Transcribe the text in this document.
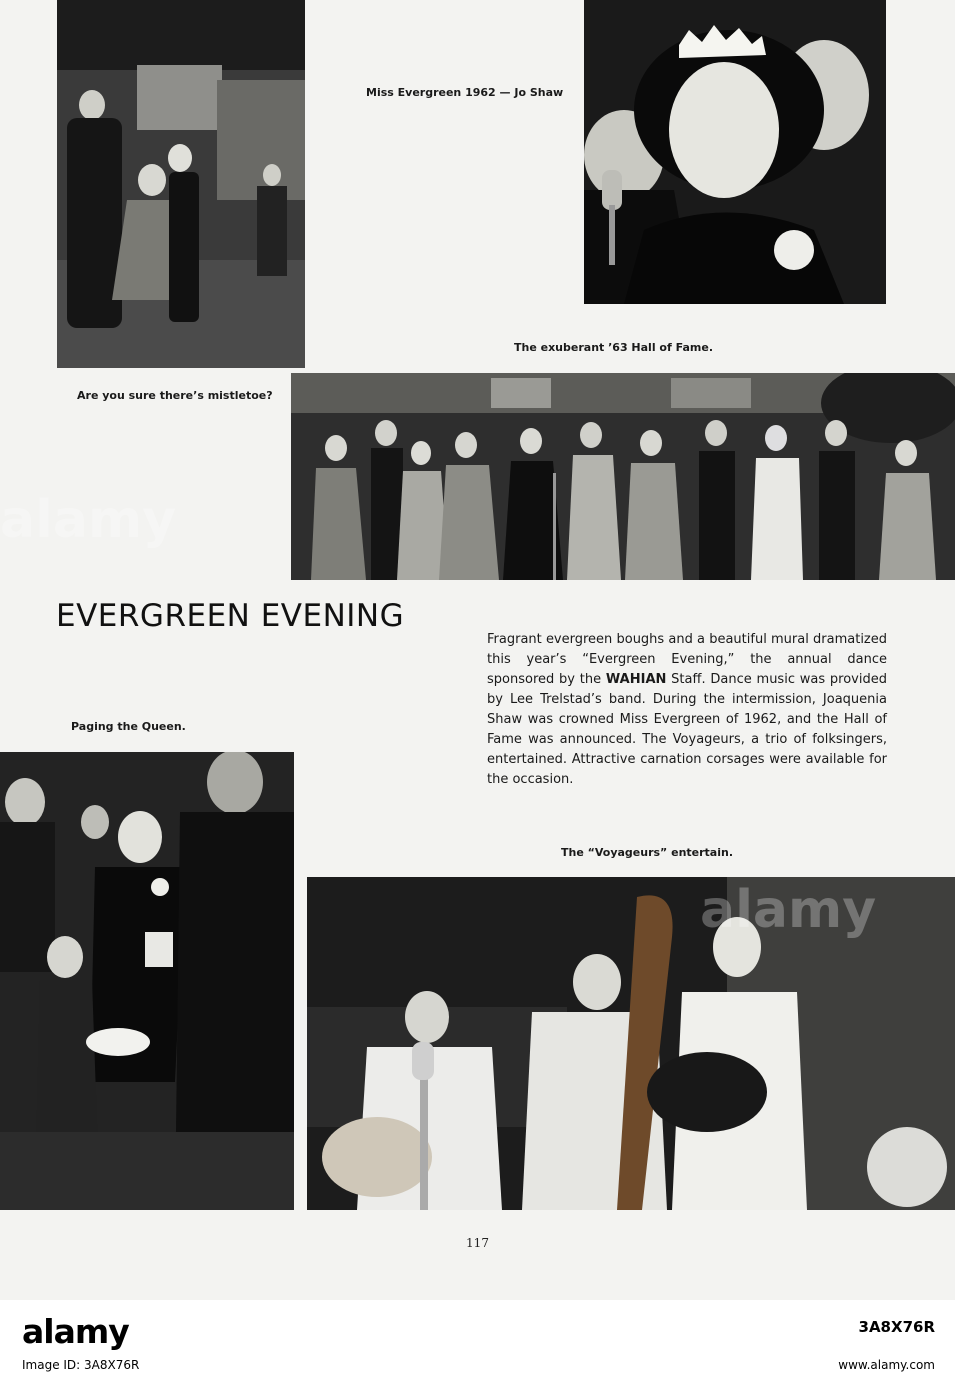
Miss Evergreen 1962 — Jo Shaw
The exuberant ’63 Hall of Fame.
Are you sure there’s mistletoe?
EVERGREEN EVENING
Fragrant evergreen boughs and a beautiful mural dramatized this year’s “Evergreen Evening,” the annual dance sponsored by the WAHIAN Staff. Dance music was provided by Lee Trelstad’s band. During the intermission, Joaquenia Shaw was crowned Miss Evergreen of 1962, and the Hall of Fame was announced. The Voyageurs, a trio of folksingers, entertained. Attractive carnation corsages were available for the occasion.
Paging the Queen.
The “Voyageurs” entertain.
117
alamy
alamy
alamy
Image ID: 3A8X76R
3A8X76R
www.alamy.com
